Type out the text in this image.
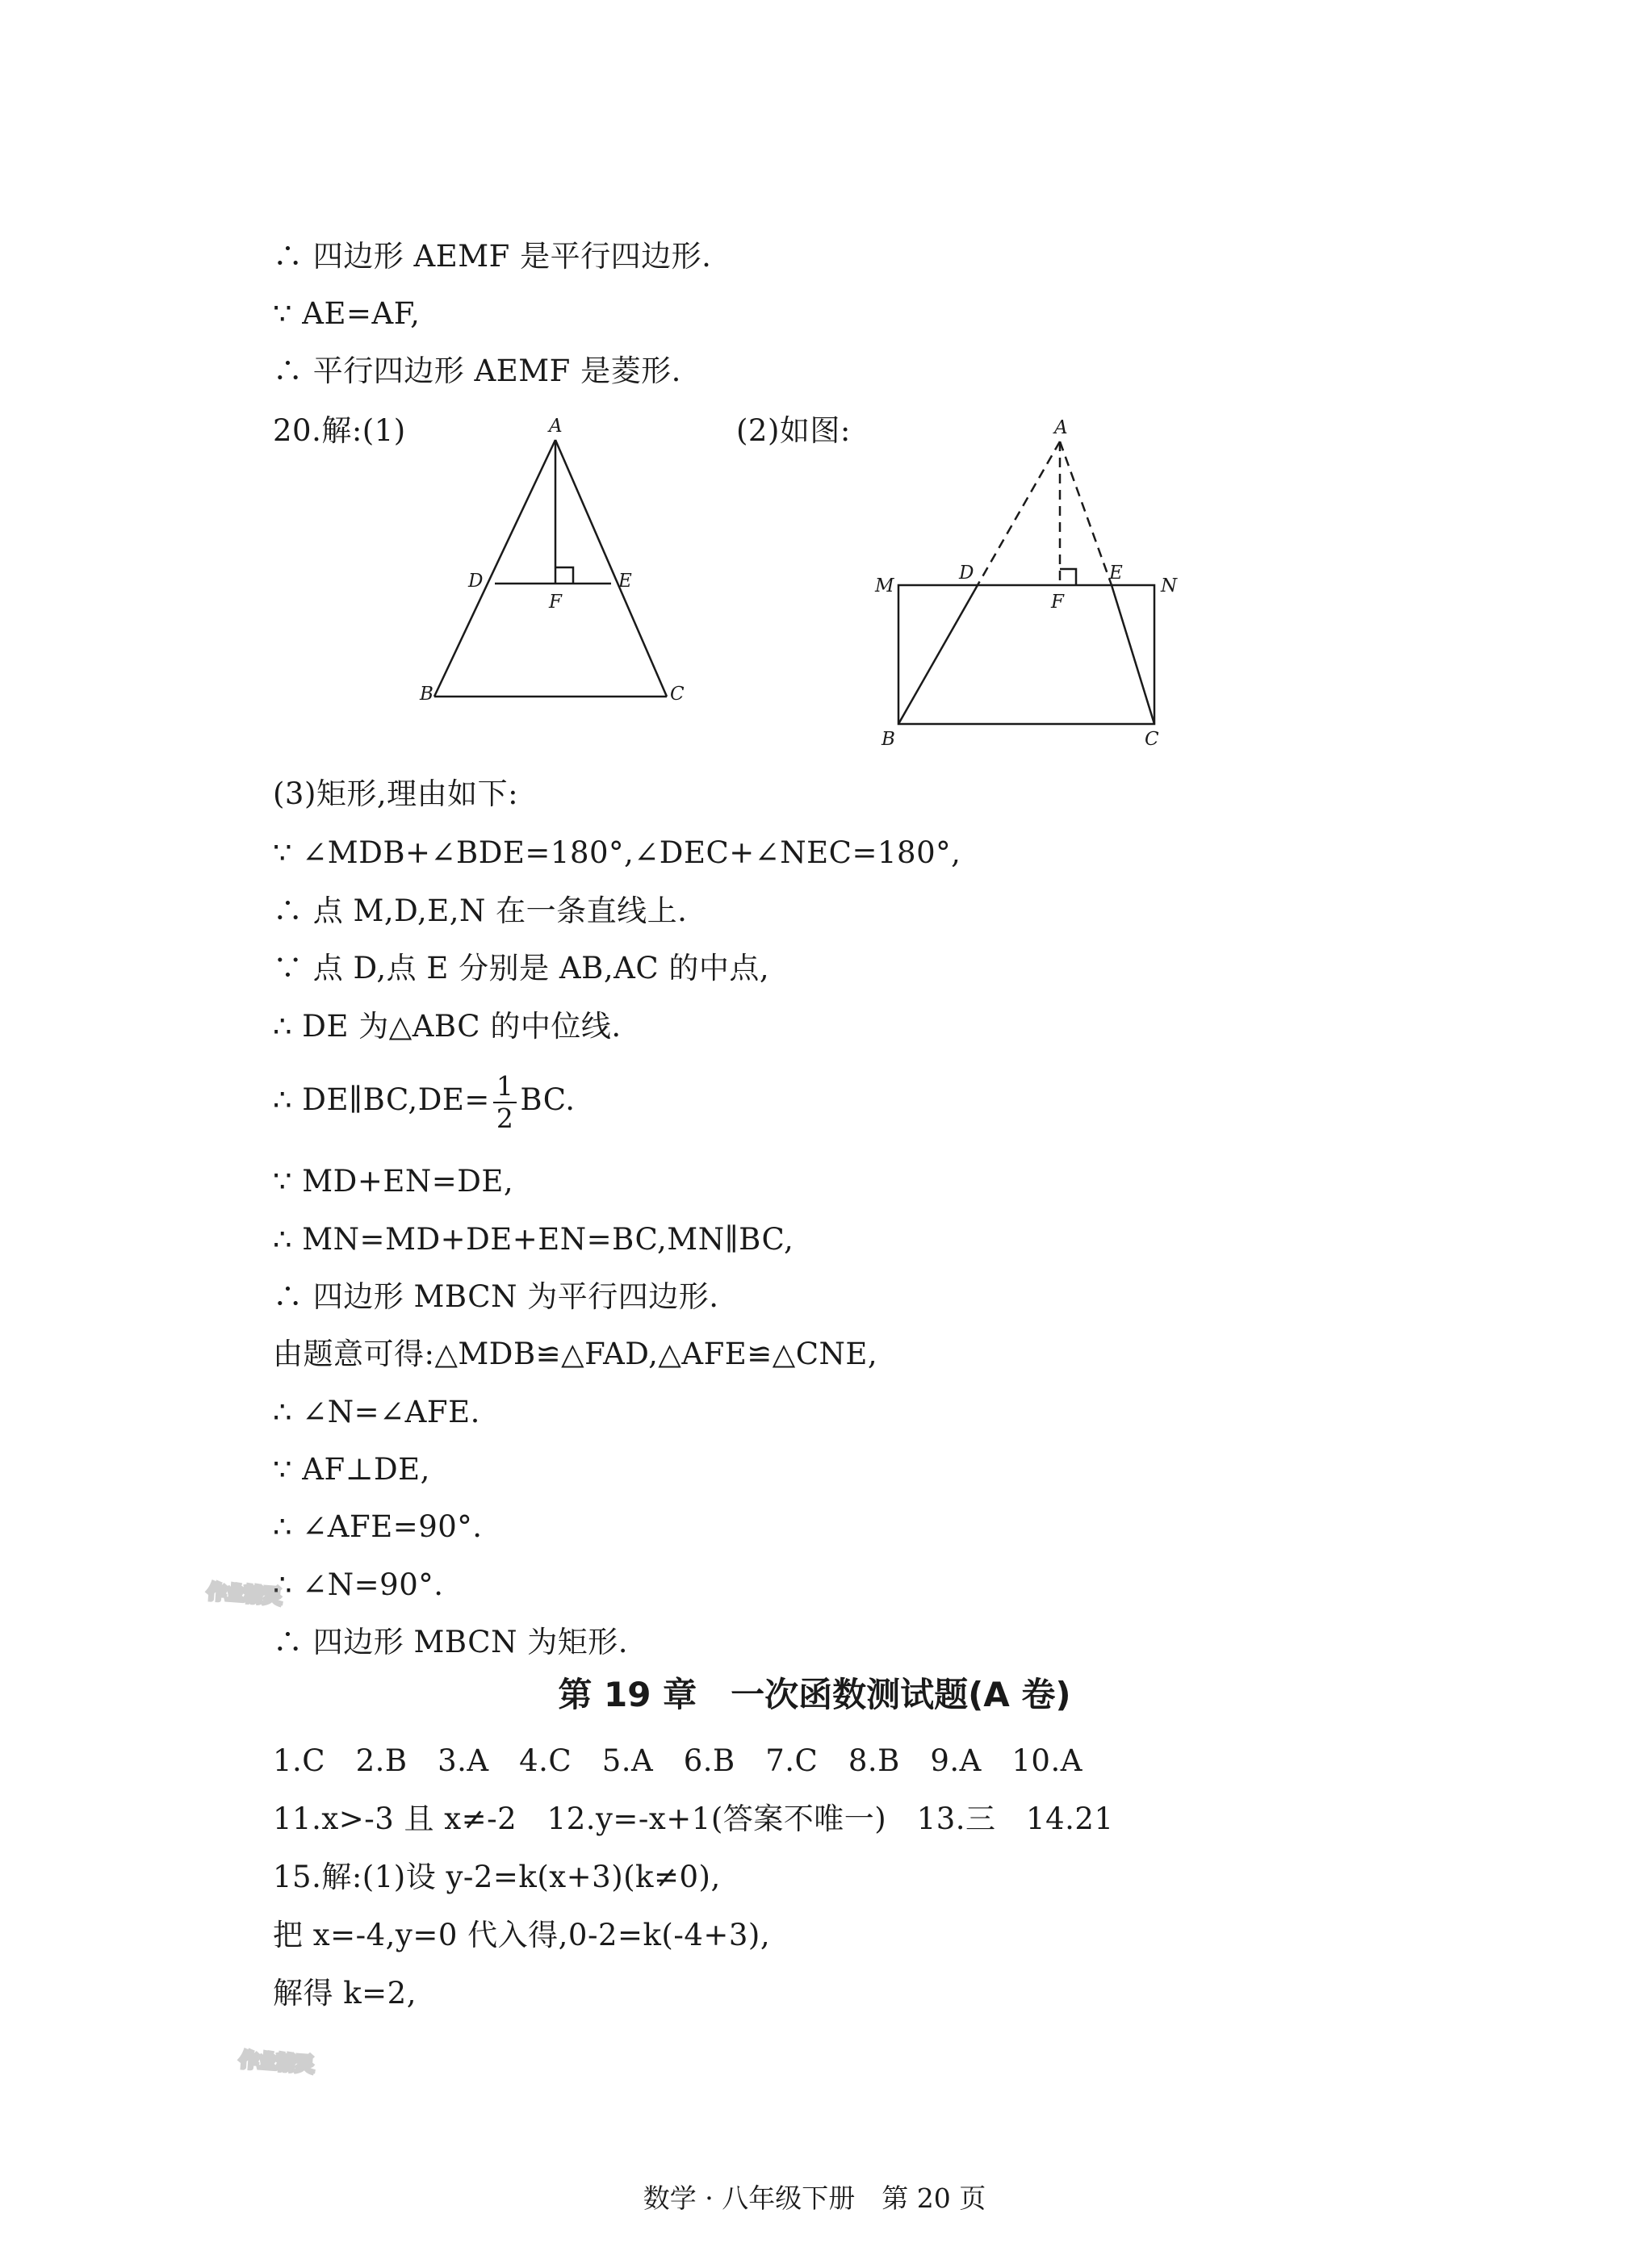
∴ 四边形 AEMF 是平行四边形.
∵ AE=AF,
∴ 平行四边形 AEMF 是菱形.
20.解:(1)	(2)如图:
A
B	C
D	E
F
A
M
D	E
N
F
B	C
(3)矩形,理由如下:
∵ ∠MDB+∠BDE=180°,∠DEC+∠NEC=180°,
∴ 点 M,D,E,N 在一条直线上.
∵ 点 D,点 E 分别是 AB,AC 的中点,
∴ DE 为△ABC 的中位线.
∴ DE∥BC,DE= $\frac{1}{2}$ BC.
∵ MD+EN=DE,
∴ MN=MD+DE+EN=BC,MN∥BC,
∴ 四边形 MBCN 为平行四边形.
由题意可得:△MDB≌△FAD,△AFE≌△CNE,
∴ ∠N=∠AFE.
∵ AF⊥DE,
∴ ∠AFE=90°.
∴ ∠N=90°.
∴ 四边形 MBCN 为矩形.
第 19 章　一次函数测试题(A 卷)
1.C　2.B　3.A　4.C　5.A　6.B　7.C　8.B　9.A　10.A
11.x>-3 且 x≠-2　12.y=-x+1(答案不唯一)　13.三　14.21
15.解:(1)设 y-2=k(x+3)(k≠0),
把 x=-4,y=0 代入得,0-2=k(-4+3),
解得 k=2,
作业精灵
作业精灵
数学 · 八年级下册　第 20 页
